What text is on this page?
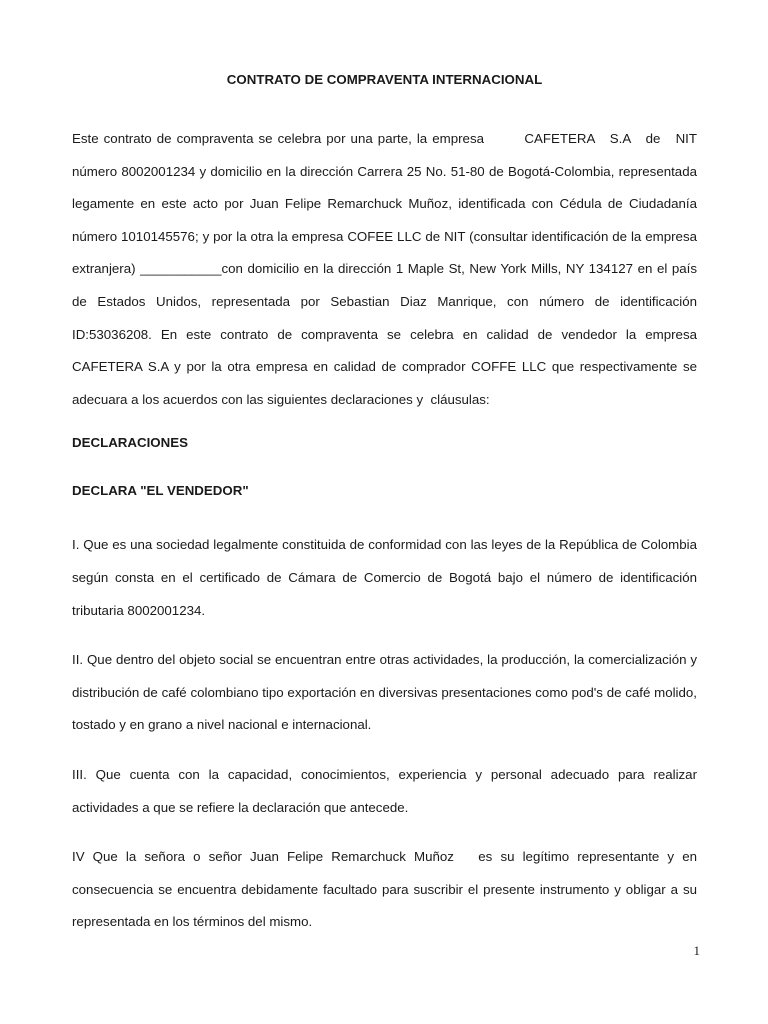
CONTRATO DE COMPRAVENTA INTERNACIONAL

Este contrato de compraventa se celebra por una parte, la empresa        CAFETERA   S.A   de   NIT número 8002001234 y domicilio en la dirección Carrera 25 No. 51-80 de Bogotá-Colombia, representada legamente en este acto por Juan Felipe Remarchuck Muñoz, identificada con Cédula de Ciudadanía número 1010145576; y por la otra la empresa COFEE LLC de NIT (consultar identificación de la empresa extranjera) ___________con domicilio en la dirección 1 Maple St, New York Mills, NY 134127 en el país de Estados Unidos, representada por Sebastian Diaz Manrique, con número de identificación ID:53036208. En este contrato de compraventa se celebra en calidad de vendedor la empresa CAFETERA S.A y por la otra empresa en calidad de comprador COFFE LLC que respectivamente se adecuara a los acuerdos con las siguientes declaraciones y  cláusulas:

DECLARACIONES

DECLARA "EL VENDEDOR"

I. Que es una sociedad legalmente constituida de conformidad con las leyes de la República de Colombia según consta en el certificado de Cámara de Comercio de Bogotá bajo el número de identificación tributaria 8002001234.

II. Que dentro del objeto social se encuentran entre otras actividades, la producción, la comercialización y distribución de café colombiano tipo exportación en diversivas presentaciones como pod's de café molido, tostado y en grano a nivel nacional e internacional.

III. Que cuenta con la capacidad, conocimientos, experiencia y personal adecuado para realizar actividades a que se refiere la declaración que antecede.

IV Que la señora o señor Juan Felipe Remarchuck Muñoz   es su legítimo representante y en consecuencia se encuentra debidamente facultado para suscribir el presente instrumento y obligar a su representada en los términos del mismo.

1
